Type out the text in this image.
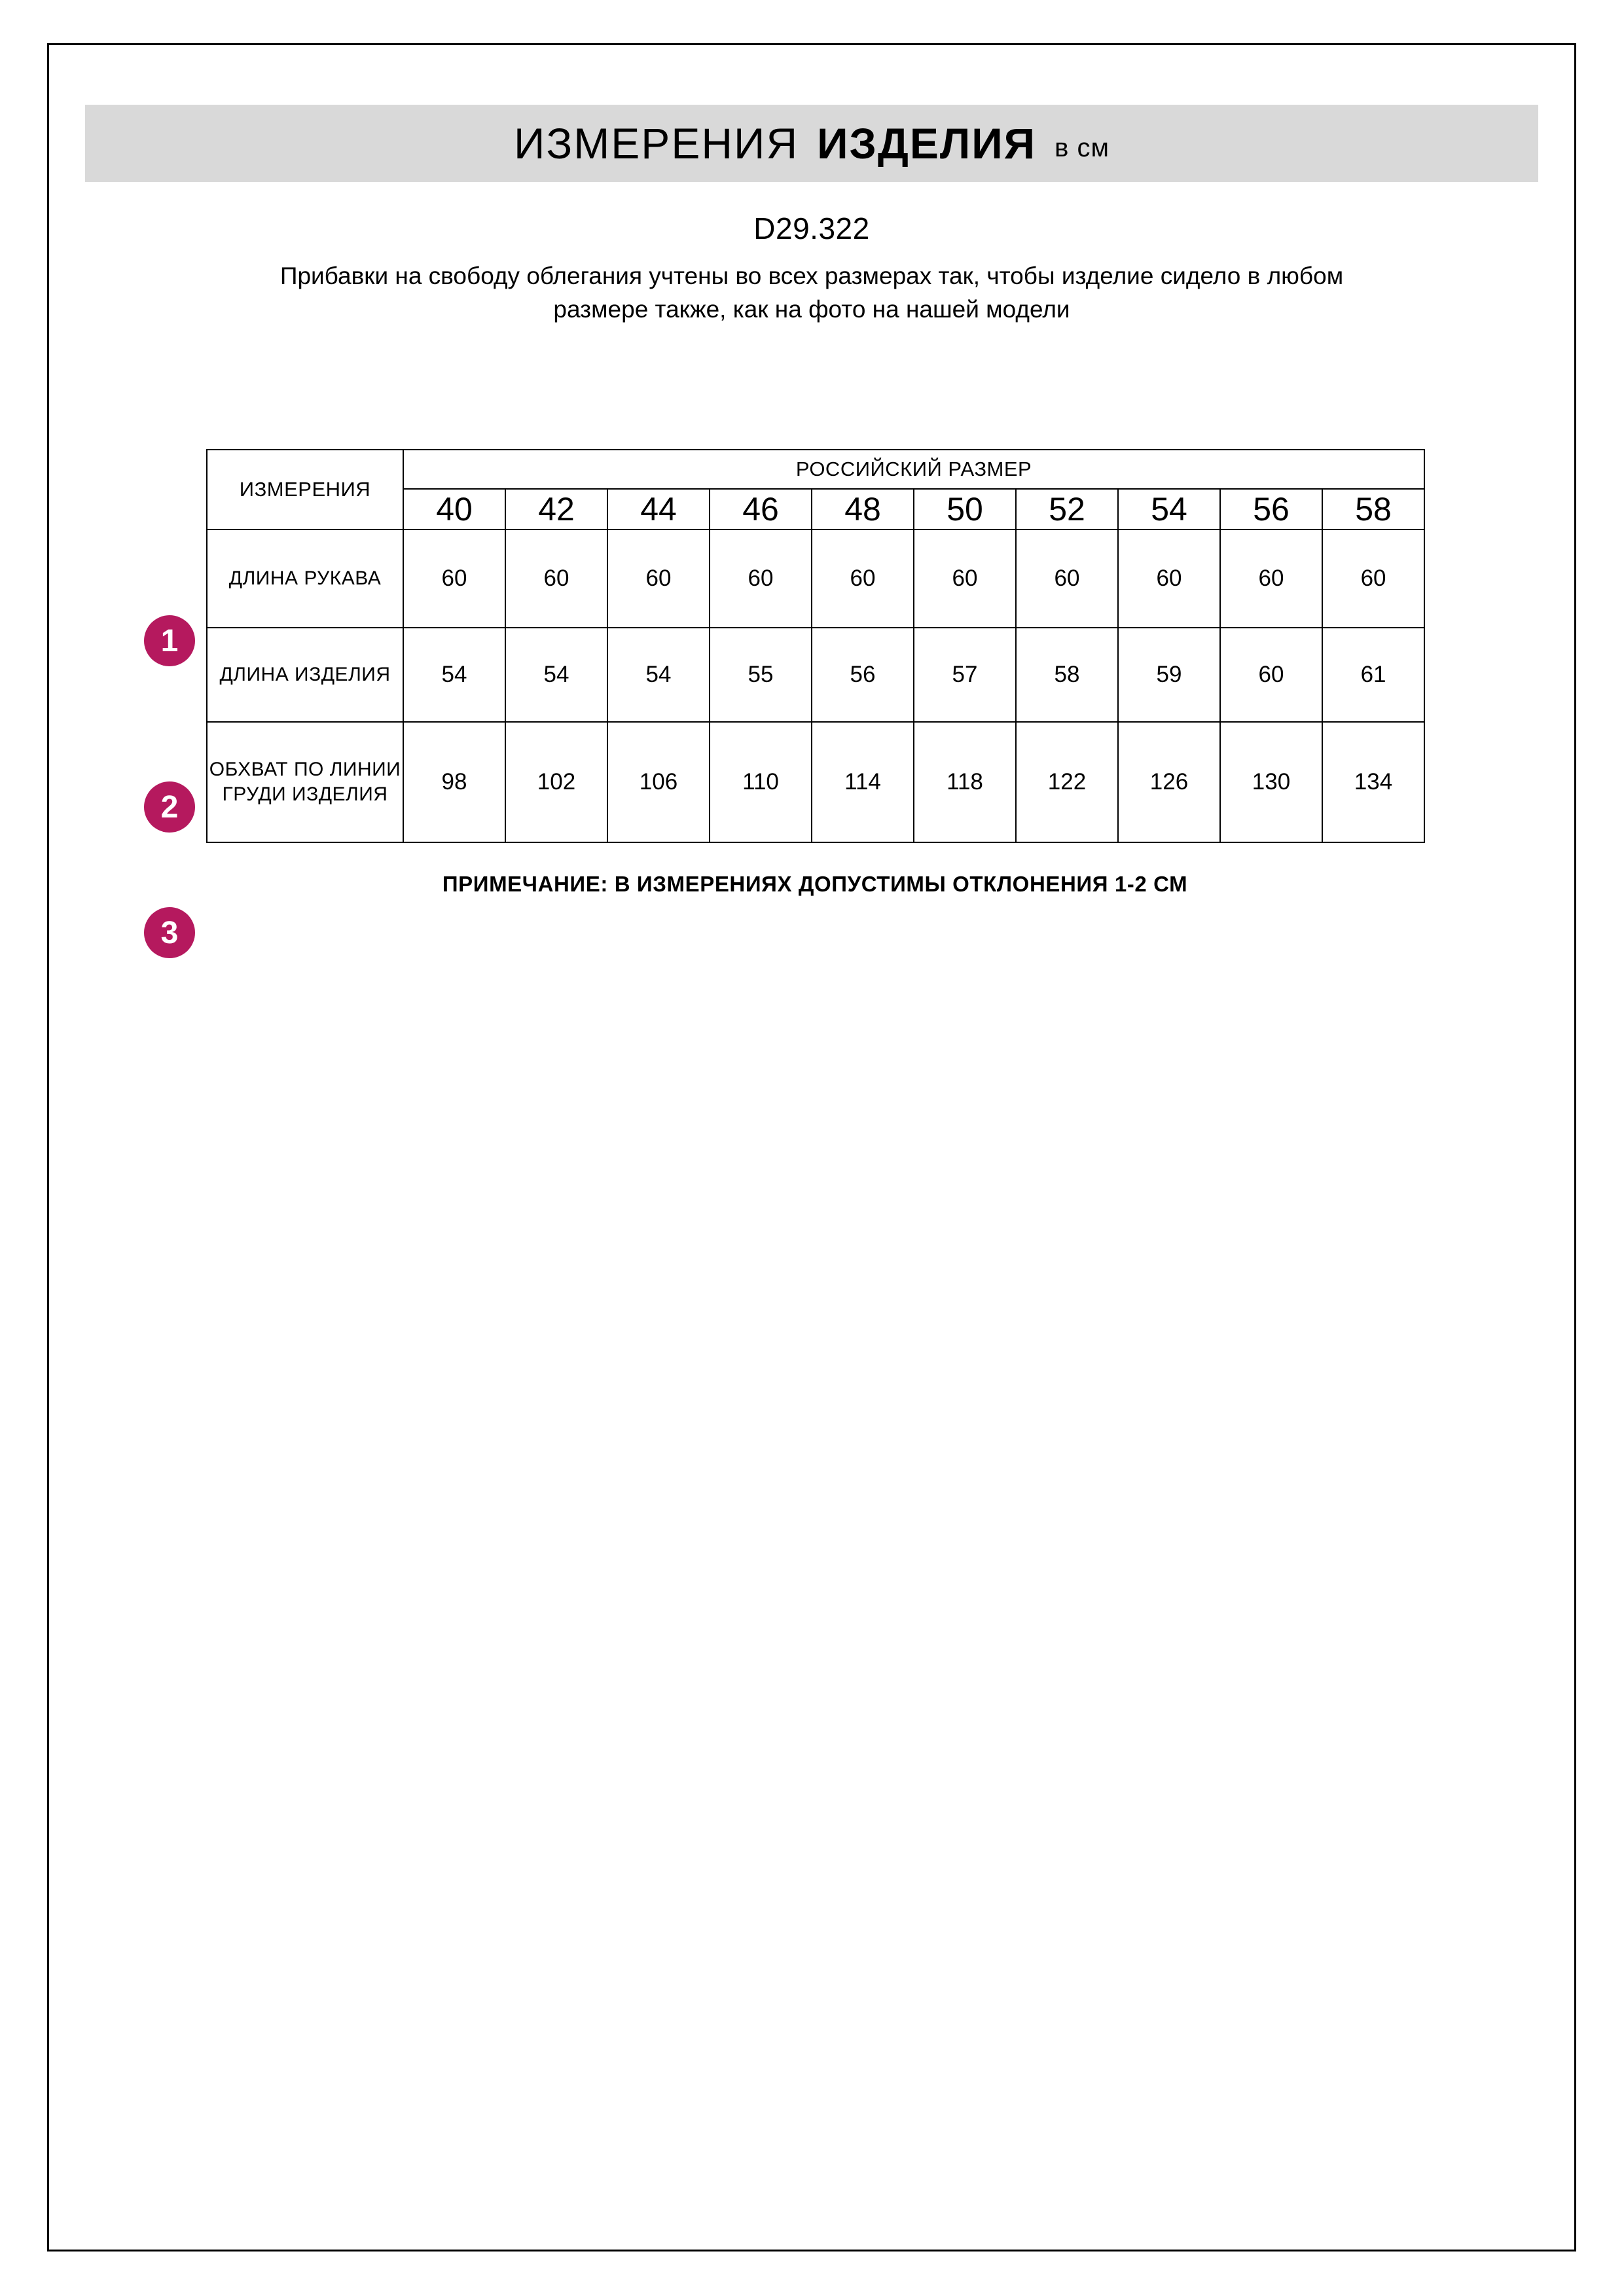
ИЗМЕРЕНИЯ ИЗДЕЛИЯ в см
D29.322
Прибавки на свободу облегания учтены во всех размерах так, чтобы изделие сидело в любом размере также, как на фото на нашей модели
1
2
3
ИЗМЕРЕНИЯ	РОССИЙСКИЙ РАЗМЕР									
	40	42	44	46	48	50	52	54	56	58
ДЛИНА РУКАВА	60	60	60	60	60	60	60	60	60	60
ДЛИНА ИЗДЕЛИЯ	54	54	54	55	56	57	58	59	60	61
ОБХВАТ ПО ЛИНИИ ГРУДИ ИЗДЕЛИЯ	98	102	106	110	114	118	122	126	130	134
ПРИМЕЧАНИЕ: В ИЗМЕРЕНИЯХ ДОПУСТИМЫ ОТКЛОНЕНИЯ 1-2 СМ
